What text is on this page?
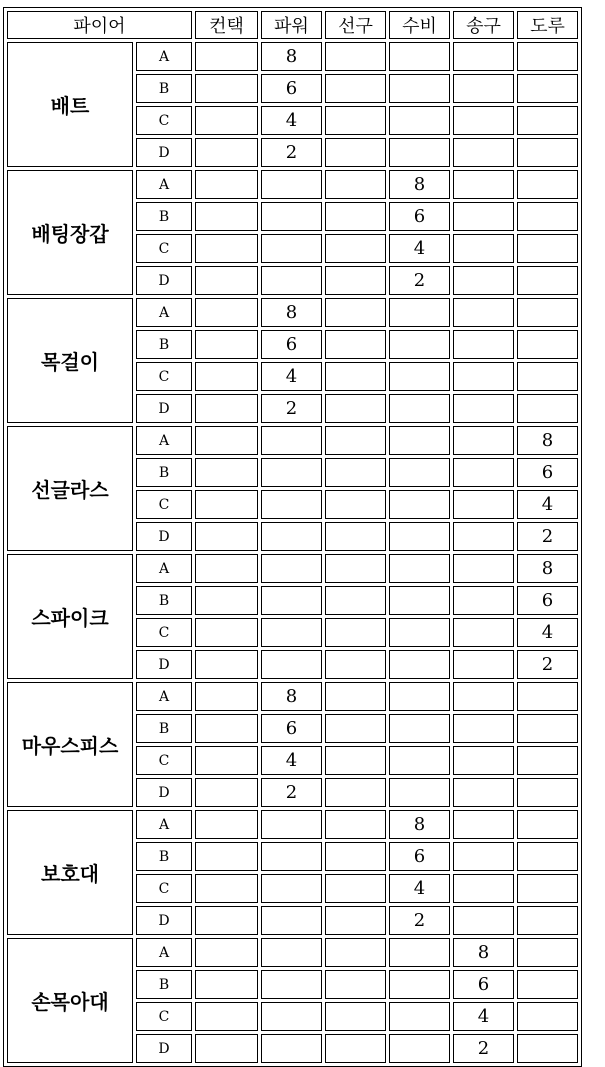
파이어		컨택	파워	선구	수비	송구	도루
배트	A		8				
	B		6				
	C		4				
	D		2				
배팅장갑	A				8		
	B				6		
	C				4		
	D				2		
목걸이	A		8				
	B		6				
	C		4				
	D		2				
선글라스	A						8
	B						6
	C						4
	D						2
스파이크	A						8
	B						6
	C						4
	D						2
마우스피스	A		8				
	B		6				
	C		4				
	D		2				
보호대	A				8		
	B				6		
	C				4		
	D				2		
손목아대	A					8	
	B					6	
	C					4	
	D					2	
